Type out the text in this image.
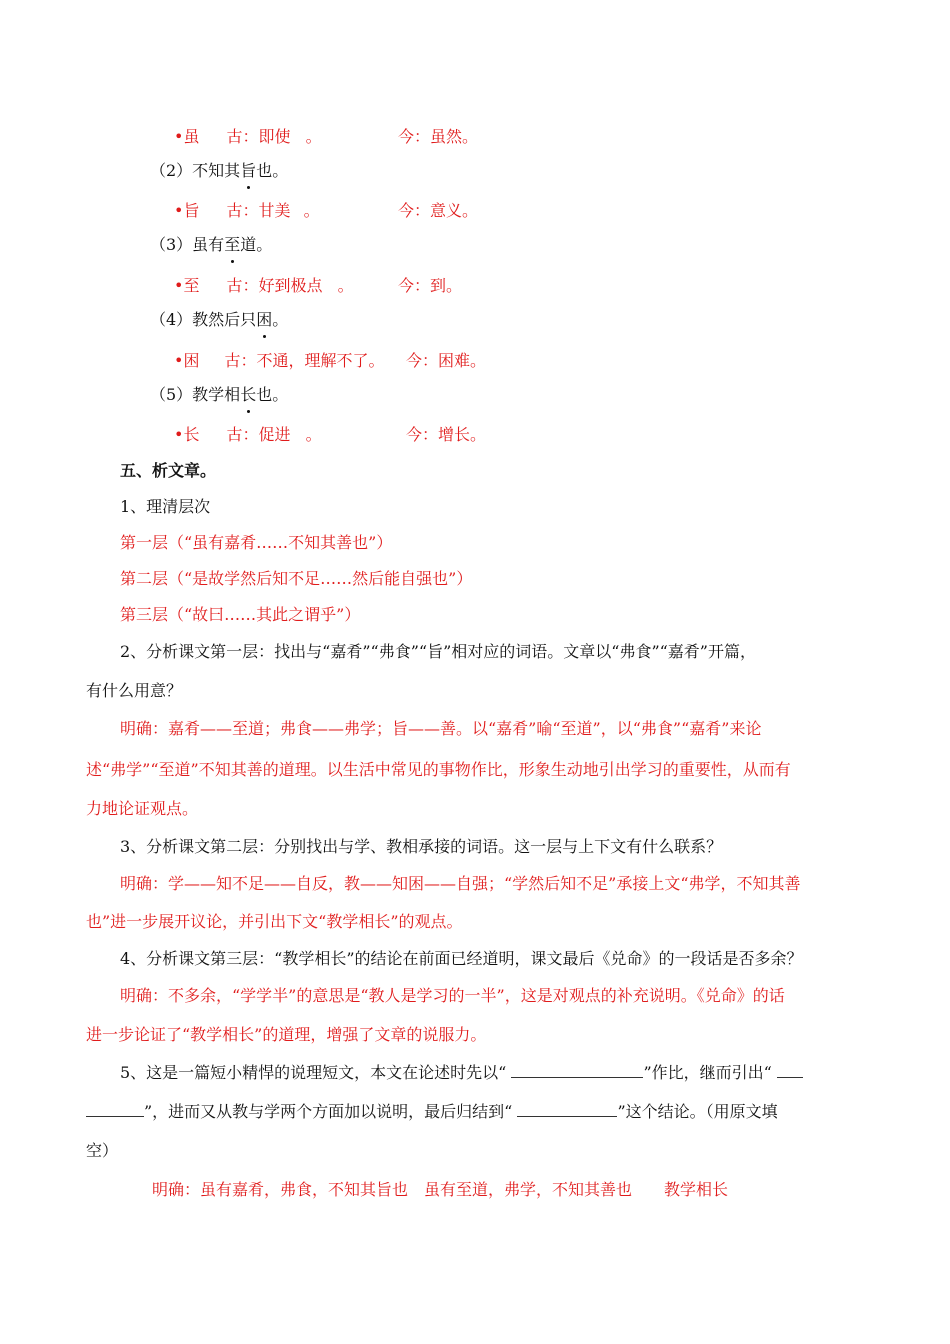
•虽 古：即使 。	今：虽然。
（2）不知其旨也。
•旨 古：甘美 。	今：意义。
（3）虽有至道。
•至 古：好到极点 。	今：到。
（4）教然后只困。
•困 古：不通，理解不了。 今：困难。
（5）教学相长也。
•长 古：促进 。	今：增长。
五、析文章。
1、理清层次
第一层（“虽有嘉肴……不知其善也”）
第二层（“是故学然后知不足……然后能自强也”）
第三层（“故曰……其此之谓乎”）
2、分析课文第一层：找出与“嘉肴”“弗食”“旨”相对应的词语。文章以“弗食”“嘉肴”开篇，
有什么用意？
明确：嘉肴——至道；弗食——弗学；旨——善。以“嘉肴”喻“至道”，以“弗食”“嘉肴”来论
述“弗学”“至道”不知其善的道理。以生活中常见的事物作比，形象生动地引出学习的重要性，从而有
力地论证观点。
3、分析课文第二层：分别找出与学、教相承接的词语。这一层与上下文有什么联系？
明确：学——知不足——自反，教——知困——自强；“学然后知不足”承接上文“弗学，不知其善
也”进一步展开议论，并引出下文“教学相长”的观点。
4、分析课文第三层：“教学相长”的结论在前面已经道明，课文最后《兑命》的一段话是否多余？
明确：不多余，“学学半”的意思是“教人是学习的一半”，这是对观点的补充说明。《兑命》的话
进一步论证了“教学相长”的道理，增强了文章的说服力。
5、这是一篇短小精悍的说理短文，本文在论述时先以“	”作比，继而引出“
”，进而又从教与学两个方面加以说明，最后归结到“	”这个结论。（用原文填
空）
明确：虽有嘉肴，弗食，不知其旨也　虽有至道，弗学，不知其善也　　教学相长
